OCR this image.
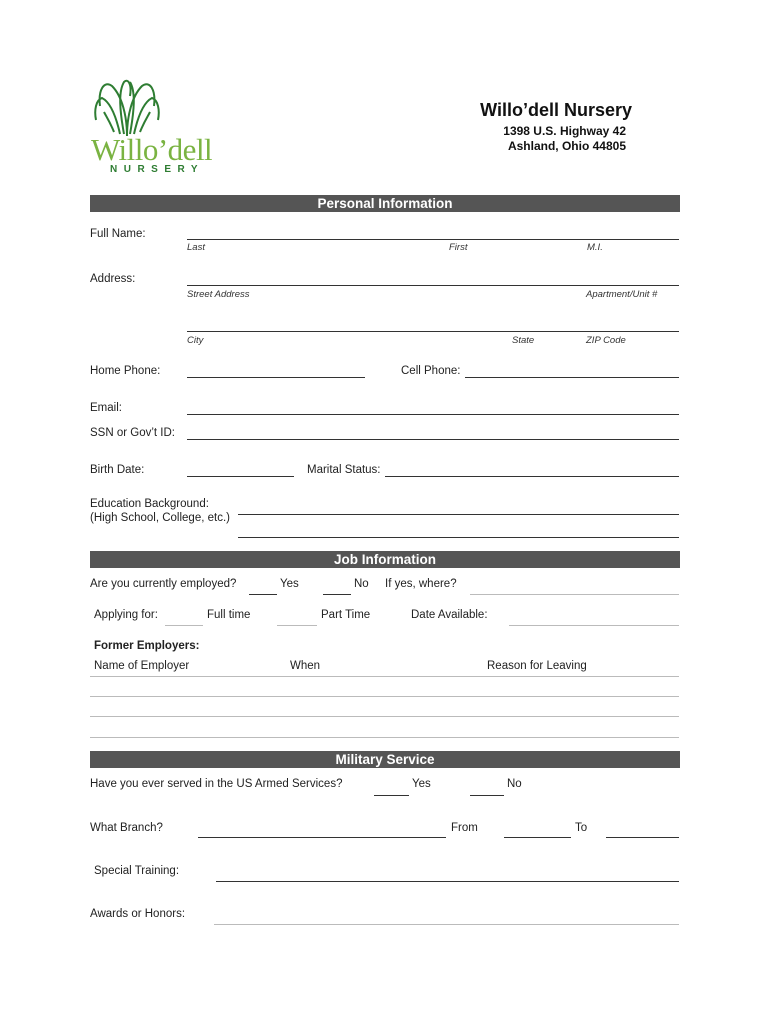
Willo’dell
NURSERY
Willo’dell Nursery
1398 U.S. Highway 42
Ashland, Ohio 44805
Personal Information
Full Name:
Last	First	M.I.
Address:
Street Address	Apartment/Unit #
City	State	ZIP Code
Home Phone:	Cell Phone:
Email:
SSN or Gov’t ID:
Birth Date:	Marital Status:
Education Background:
(High School, College, etc.)
Job Information
Are you currently employed?	Yes	No If yes, where?
Applying for:	Full time	Part Time	Date Available:
Former Employers:
Name of Employer	When	Reason for Leaving
Military Service
Have you ever served in the US Armed Services?	Yes	No
What Branch?	From	To
Special Training:
Awards or Honors:
